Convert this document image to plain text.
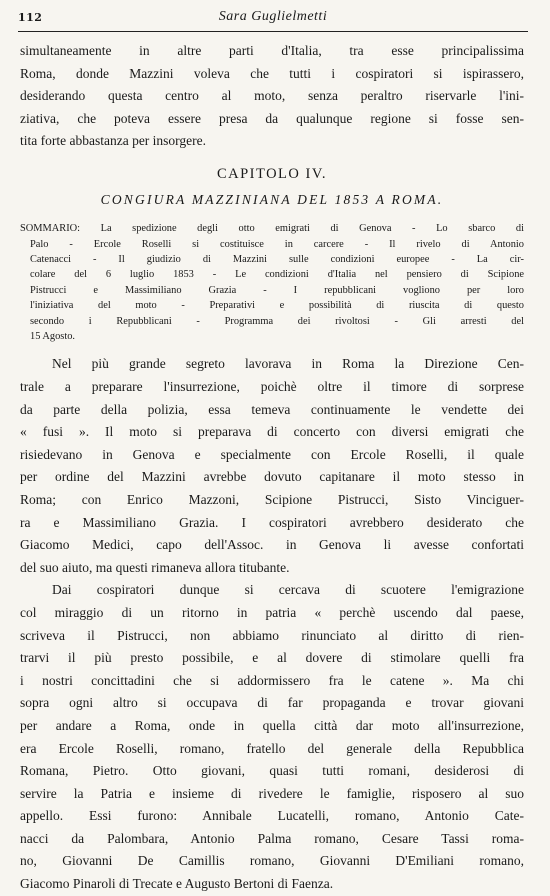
112	Sara Guglielmetti
simultaneamente in altre parti d'Italia, tra esse principalissima
Roma, donde Mazzini voleva che tutti i cospiratori si ispirassero,
desiderando questa centro al moto, senza peraltro riservarle l'ini-
ziativa, che poteva essere presa da qualunque regione si fosse sen-
tita forte abbastanza per insorgere.
CAPITOLO IV.
CONGIURA MAZZINIANA DEL 1853 A ROMA.
SOMMARIO: La spedizione degli otto emigrati di Genova - Lo sbarco di
Palo - Ercole Roselli si costituisce in carcere - Il rivelo di Antonio
Catenacci - Il giudizio di Mazzini sulle condizioni europee - La cir-
colare del 6 luglio 1853 - Le condizioni d'Italia nel pensiero di Scipione
Pistrucci e Massimiliano Grazia - I repubblicani vogliono per loro
l'iniziativa del moto - Preparativi e possibilità di riuscita di questo
secondo i Repubblicani - Programma dei rivoltosi - Gli arresti del
15 Agosto.
Nel più grande segreto lavorava in Roma la Direzione Cen-
trale a preparare l'insurrezione, poichè oltre il timore di sorprese
da parte della polizia, essa temeva continuamente le vendette dei
« fusi ». Il moto si preparava di concerto con diversi emigrati che
risiedevano in Genova e specialmente con Ercole Roselli, il quale
per ordine del Mazzini avrebbe dovuto capitanare il moto stesso in
Roma; con Enrico Mazzoni, Scipione Pistrucci, Sisto Vinciguer-
ra e Massimiliano Grazia. I cospiratori avrebbero desiderato che
Giacomo Medici, capo dell'Assoc. in Genova li avesse confortati
del suo aiuto, ma questi rimaneva allora titubante.
Dai cospiratori dunque si cercava di scuotere l'emigrazione
col miraggio di un ritorno in patria « perchè uscendo dal paese,
scriveva il Pistrucci, non abbiamo rinunciato al diritto di rien-
trarvi il più presto possibile, e al dovere di stimolare quelli fra
i nostri concittadini che si addormissero fra le catene ». Ma chi
sopra ogni altro si occupava di far propaganda e trovar giovani
per andare a Roma, onde in quella città dar moto all'insurrezione,
era Ercole Roselli, romano, fratello del generale della Repubblica
Romana, Pietro. Otto giovani, quasi tutti romani, desiderosi di
servire la Patria e insieme di rivedere le famiglie, risposero al suo
appello. Essi furono: Annibale Lucatelli, romano, Antonio Cate-
nacci da Palombara, Antonio Palma romano, Cesare Tassi roma-
no, Giovanni De Camillis romano, Giovanni D'Emiliani romano,
Giacomo Pinaroli di Trecate e Augusto Bertoni di Faenza.
